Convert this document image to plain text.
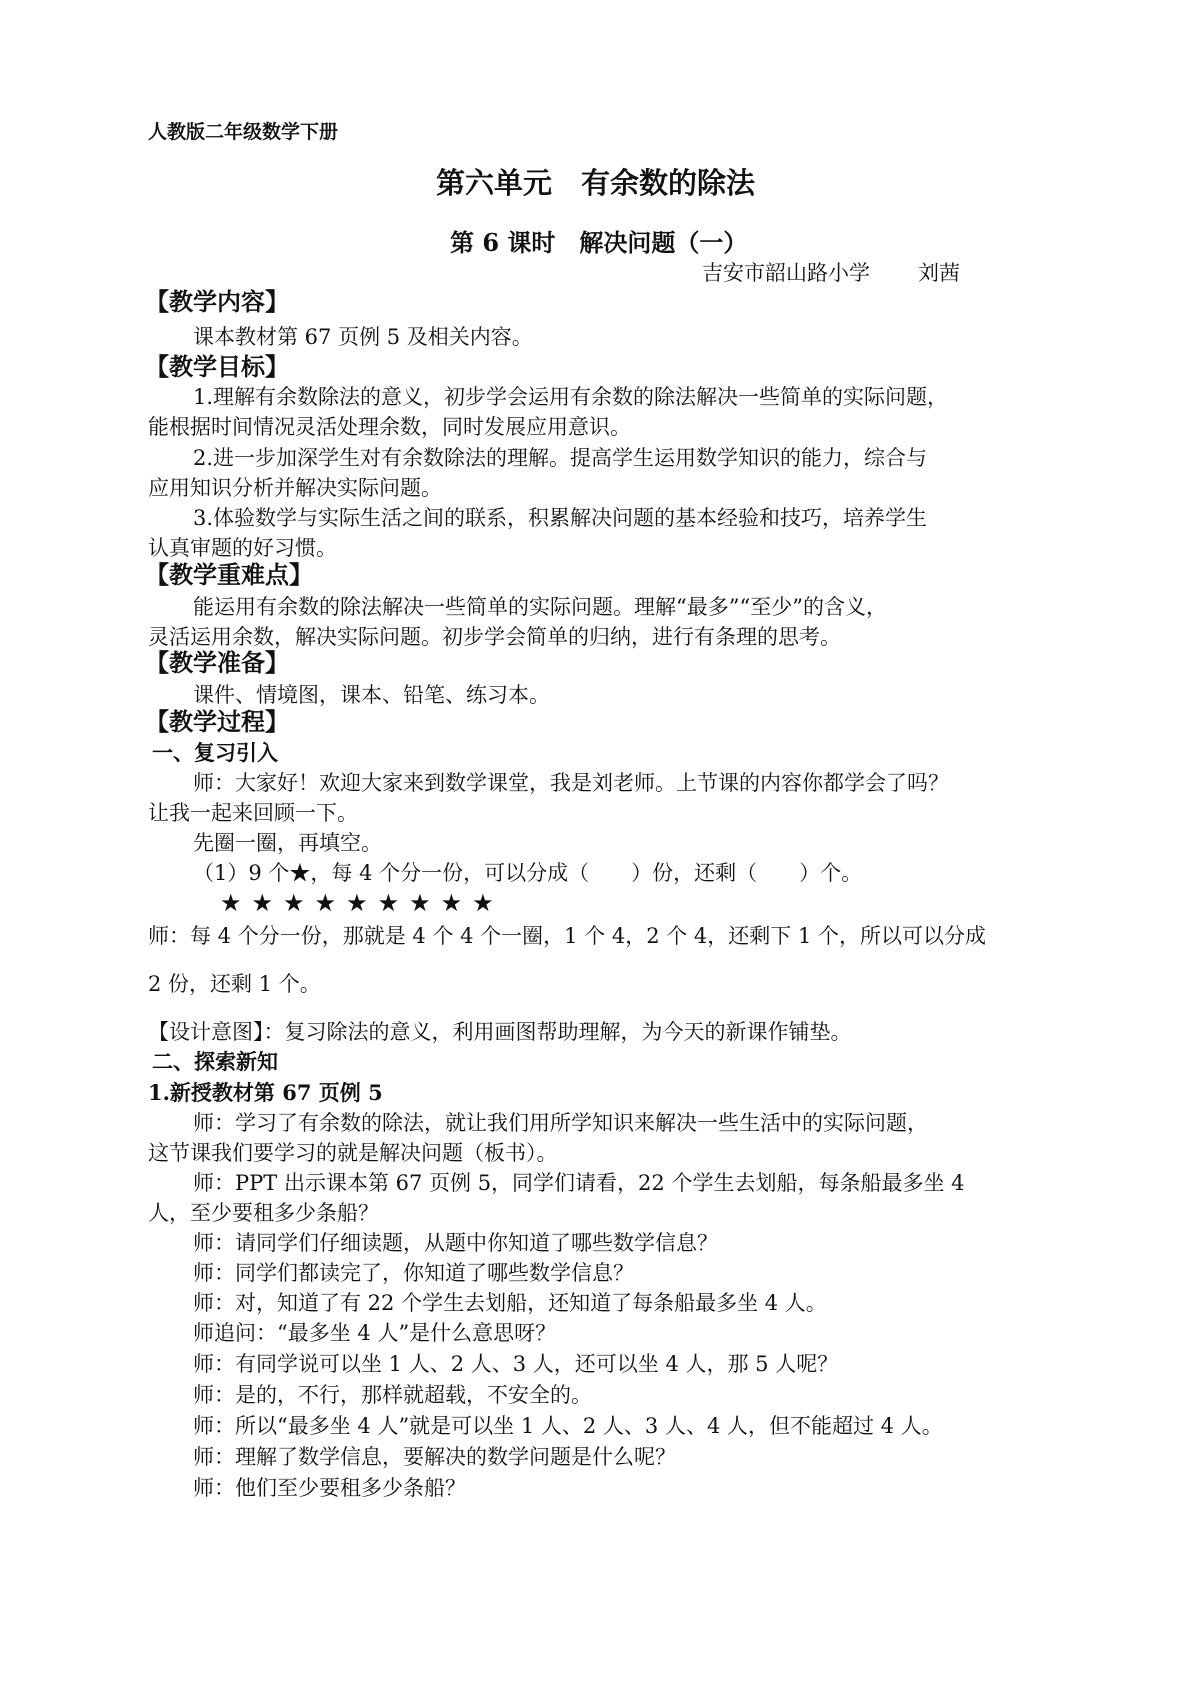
人教版二年级数学下册
第六单元　有余数的除法
第 6 课时　解决问题（一）
吉安市韶山路小学 刘茜
【教学内容】
课本教材第 67 页例 5 及相关内容。
【教学目标】
1.理解有余数除法的意义，初步学会运用有余数的除法解决一些简单的实际问题，
能根据时间情况灵活处理余数，同时发展应用意识。
2.进一步加深学生对有余数除法的理解。提高学生运用数学知识的能力，综合与
应用知识分析并解决实际问题。
3.体验数学与实际生活之间的联系，积累解决问题的基本经验和技巧，培养学生
认真审题的好习惯。
【教学重难点】
能运用有余数的除法解决一些简单的实际问题。理解“最多”“至少”的含义，
灵活运用余数，解决实际问题。初步学会简单的归纳，进行有条理的思考。
【教学准备】
课件、情境图，课本、铅笔、练习本。
【教学过程】
一、复习引入
师：大家好！欢迎大家来到数学课堂，我是刘老师。上节课的内容你都学会了吗？
让我一起来回顾一下。
先圈一圈，再填空。
（1）9 个★，每 4 个分一份，可以分成（　　）份，还剩（　　）个。
★★★★★★★★★
师：每 4 个分一份，那就是 4 个 4 个一圈，1 个 4，2 个 4，还剩下 1 个，所以可以分成
2 份，还剩 1 个。
【设计意图】：复习除法的意义，利用画图帮助理解，为今天的新课作铺垫。
二、探索新知
1.新授教材第 67 页例 5
师：学习了有余数的除法，就让我们用所学知识来解决一些生活中的实际问题，
这节课我们要学习的就是解决问题（板书）。
师：PPT 出示课本第 67 页例 5，同学们请看，22 个学生去划船，每条船最多坐 4
人，至少要租多少条船？
师：请同学们仔细读题，从题中你知道了哪些数学信息？
师：同学们都读完了，你知道了哪些数学信息？
师：对，知道了有 22 个学生去划船，还知道了每条船最多坐 4 人。
师追问：“最多坐 4 人”是什么意思呀？
师：有同学说可以坐 1 人、2 人、3 人，还可以坐 4 人，那 5 人呢？
师：是的，不行，那样就超载，不安全的。
师：所以“最多坐 4 人”就是可以坐 1 人、2 人、3 人、4 人，但不能超过 4 人。
师：理解了数学信息，要解决的数学问题是什么呢？
师：他们至少要租多少条船？
